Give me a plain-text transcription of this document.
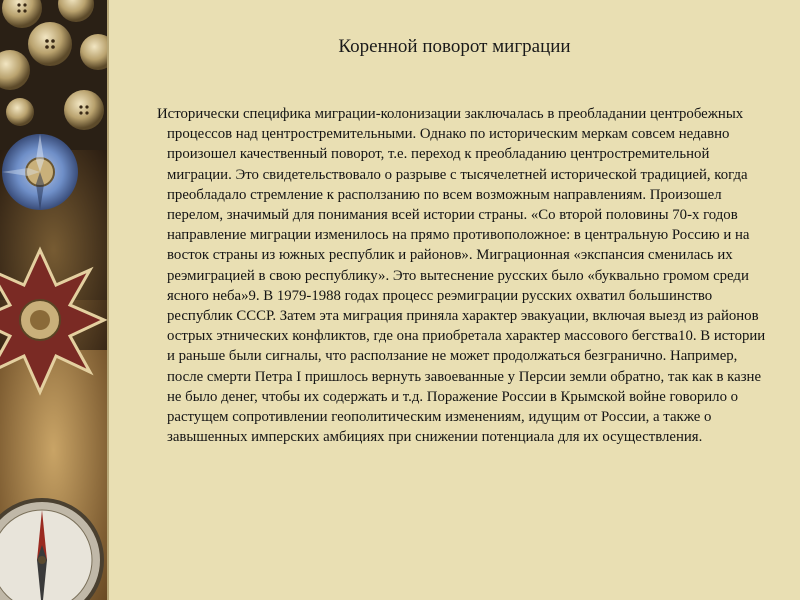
Коренной поворот миграции
Исторически специфика миграции-колонизации заключалась в преобладании центробежных процессов над центростремительными. Однако по историческим меркам совсем недавно произошел качественный поворот, т.е. переход к преобладанию центростремительной миграции. Это свидетельствовало о разрыве с тысячелетней исторической традицией, когда преобладало стремление к расползанию по всем возможным направлениям. Произошел перелом, значимый для понимания всей истории страны. «Со второй половины 70-х годов направление миграции изменилось на прямо противоположное: в центральную Россию и на восток страны из южных республик и районов». Миграционная «экспансия сменилась их реэмиграцией в свою республику». Это вытеснение русских было «буквально громом среди ясного неба»9. В 1979-1988 годах процесс реэмиграции русских охватил большинство республик СССР. Затем эта миграция приняла характер эвакуации, включая выезд из районов острых этнических конфликтов, где она приобретала характер массового бегства10. В истории и раньше были сигналы, что расползание не может продолжаться безгранично. Например, после смерти Петра I пришлось вернуть завоеванные у Персии земли обратно, так как в казне не было денег, чтобы их содержать и т.д. Поражение России в Крымской войне говорило о растущем сопротивлении геополитическим изменениям, идущим от России, а также о завышенных имперских амбициях при снижении потенциала для их осуществления.
